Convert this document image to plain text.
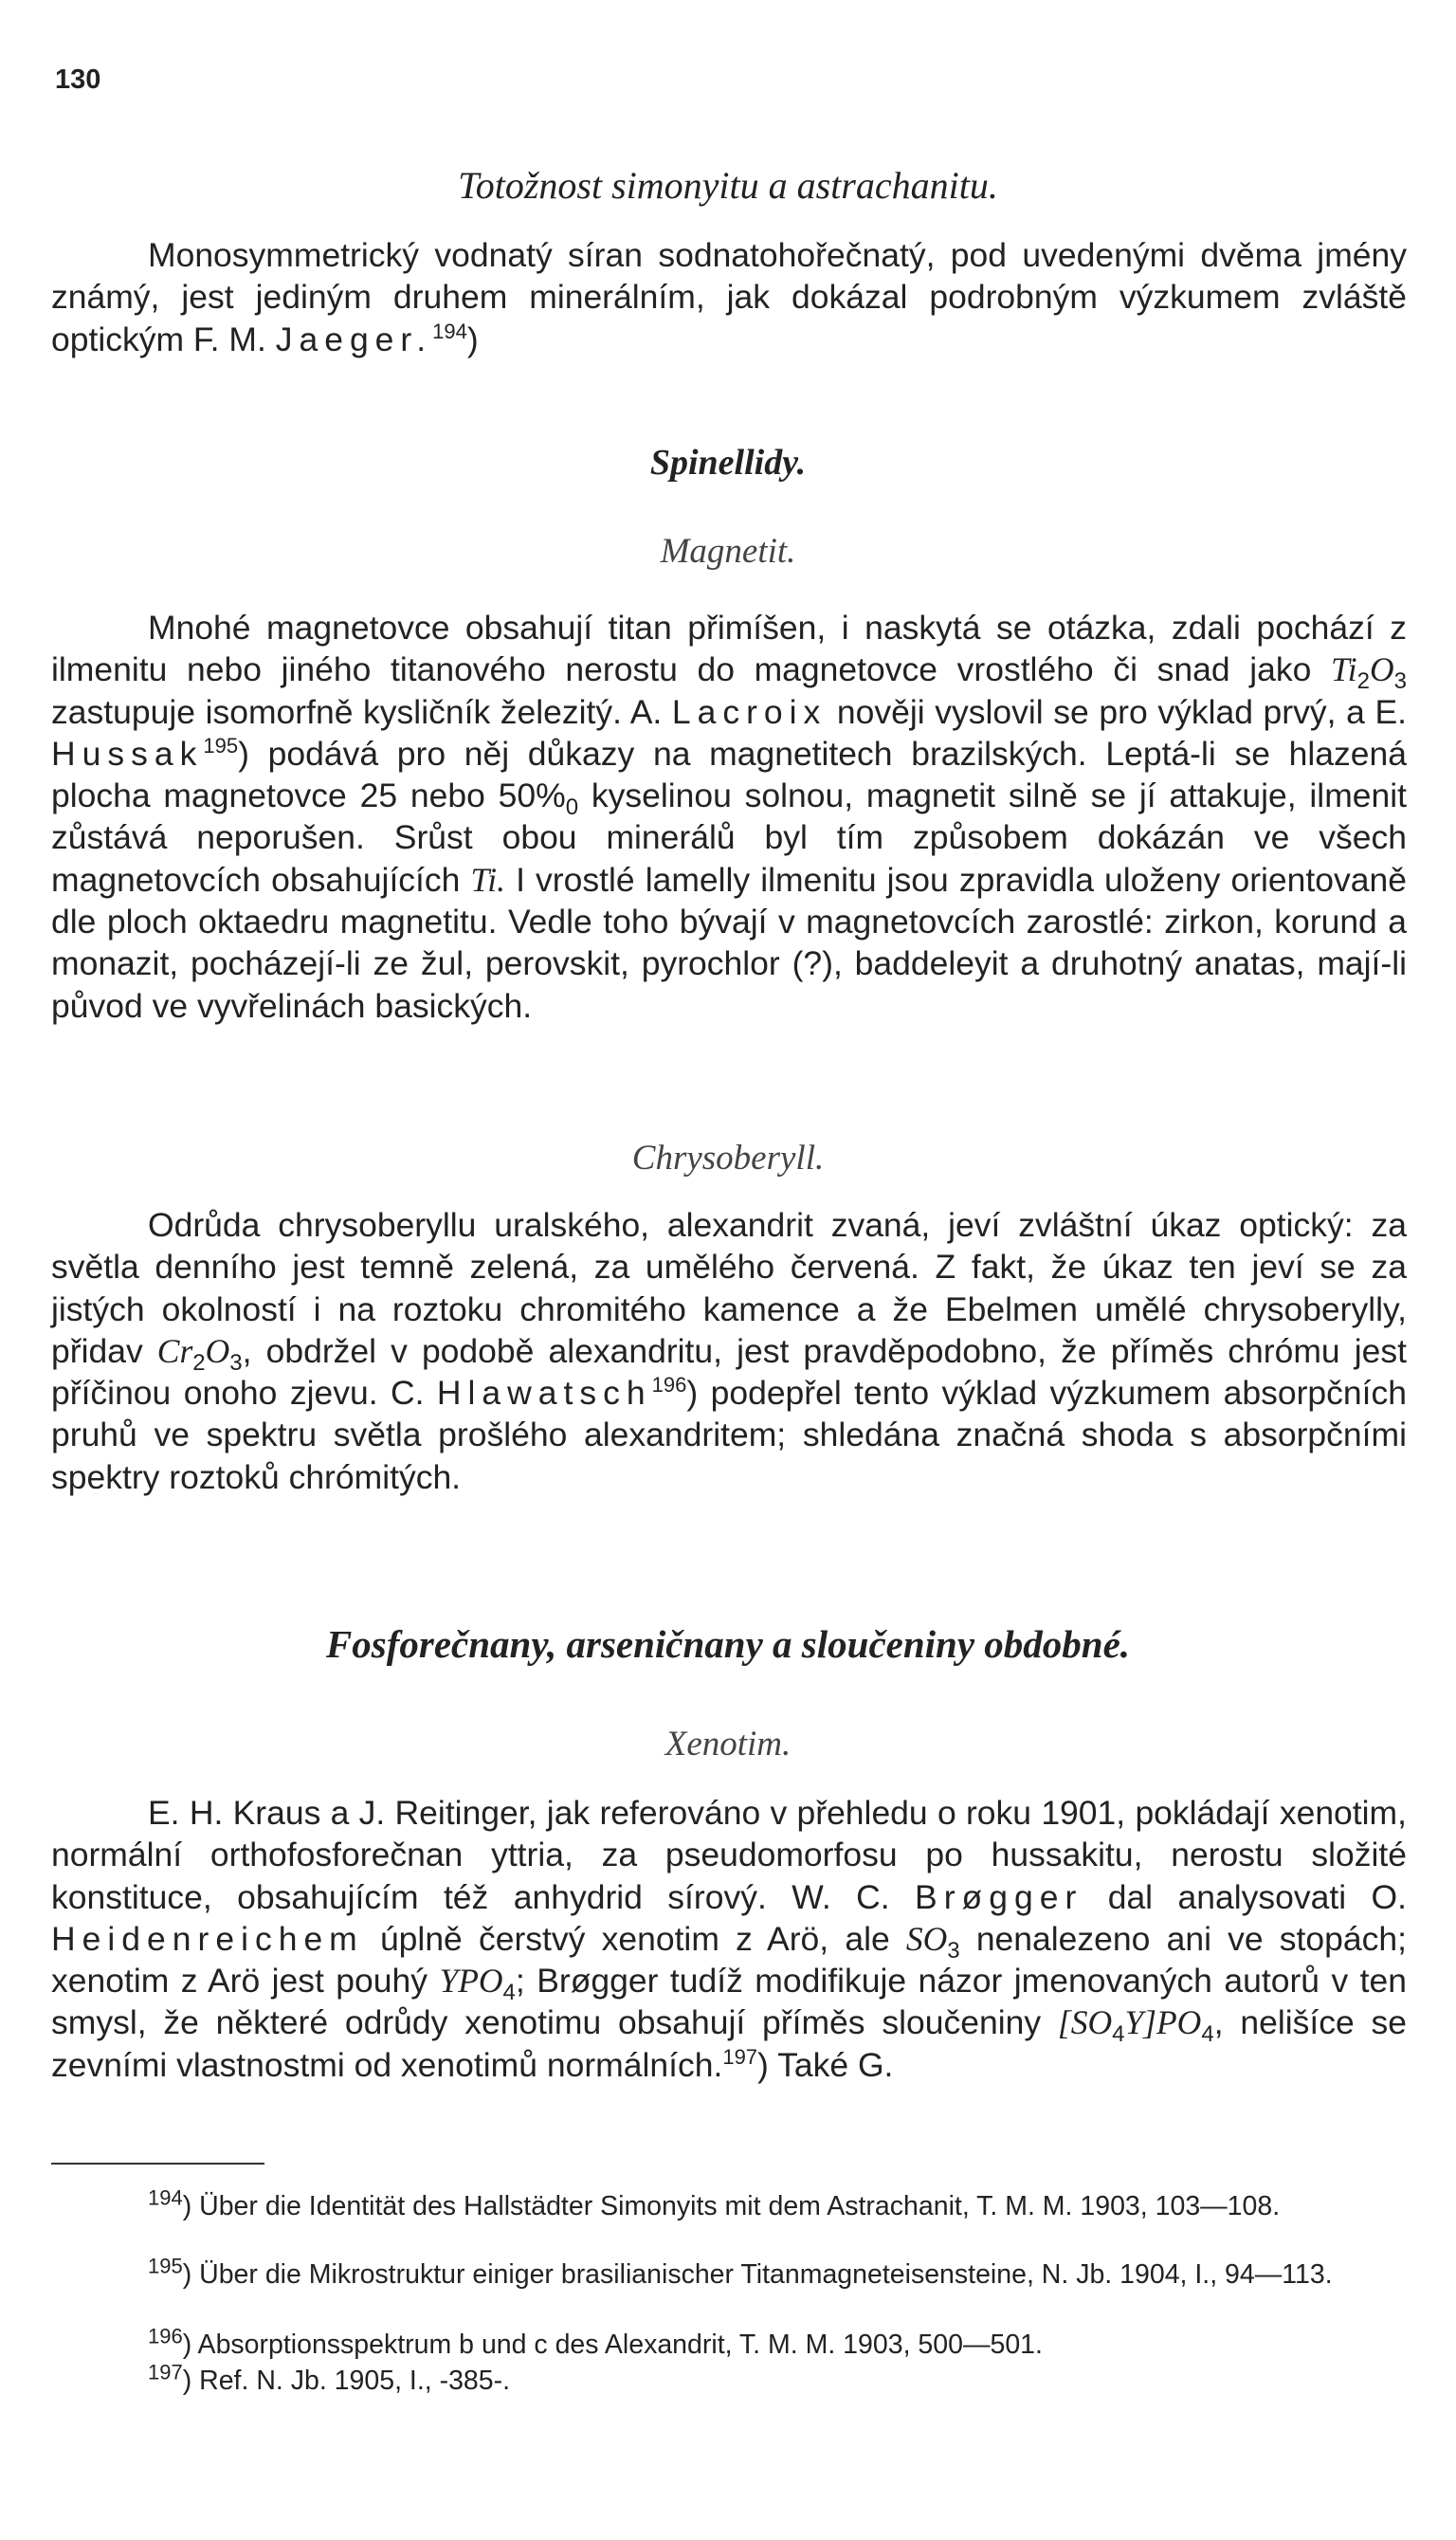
130
Totožnost simonyitu a astrachanitu.

Monosymmetrický vodnatý síran sodnatohořečnatý, pod uvedenými dvěma jmény známý, jest jediným druhem minerálním, jak dokázal podrobným výzkumem zvláště optickým F. M. Jaeger.$^{194}$)

Spinellidy.
Magnetit.

Mnohé magnetovce obsahují titan přimíšen, i naskytá se otázka, zdali pochází z ilmenitu nebo jiného titanového nerostu do magnetovce vrostlého či snad jako $Ti_2O_3$ zastupuje isomorfně kysličník železitý. A. Lacroix nověji vyslovil se pro výklad prvý, a E. Hussak$^{195}$) podává pro něj důkazy na magnetitech brazilských. Leptá-li se hlazená plocha magnetovce 25 nebo $50\%_0$ kyselinou solnou, magnetit silně se jí attakuje, ilmenit zůstává neporušen. Srůst obou minerálů byl tím způsobem dokázán ve všech magnetovcích obsahujících Ti. I vrostlé lamelly ilmenitu jsou zpravidla uloženy orientovaně dle ploch oktaedru magnetitu. Vedle toho bývají v magnetovcích zarostlé: zirkon, korund a monazit, pocházejí-li ze žul, perovskit, pyrochlor (?), baddeleyit a druhotný anatas, mají-li původ ve vyvřelinách basických.

Chrysoberyll.

Odrůda chrysoberyllu uralského, alexandrit zvaná, jeví zvláštní úkaz optický: za světla denního jest temně zelená, za umělého červená. Z fakt, že úkaz ten jeví se za jistých okolností i na roztoku chromitého kamence a že Ebelmen umělé chrysoberylly, přidav $Cr_2O_3$, obdržel v podobě alexandritu, jest pravděpodobno, že příměs chrómu jest příčinou onoho zjevu. C. Hlawatsch$^{196}$) podepřel tento výklad výzkumem absorpčních pruhů ve spektru světla prošlého alexandritem; shledána značná shoda s absorpčními spektry roztoků chrómitých.

Fosforečnany, arseničnany a sloučeniny obdobné.
Xenotim.

E. H. Kraus a J. Reitinger, jak referováno v přehledu o roku 1901, pokládají xenotim, normální orthofosforečnan yttria, za pseudomorfosu po hussakitu, nerostu složité konstituce, obsahujícím též anhydrid sírový. W. C. Brøgger dal analysovati O. Heidenreichem úplně čerstvý xenotim z Arö, ale $SO_3$ nenalezeno ani ve stopách; xenotim z Arö jest pouhý $YPO_4$; Brøgger tudíž modifikuje názor jmenovaných autorů v ten smysl, že některé odrůdy xenotimu obsahují příměs sloučeniny $[SO_4Y]PO_4$, nelišíce se zevními vlastnostmi od xenotimů normálních.$^{197}$) Také G.

$^{194}$) Über die Identität des Hallstädter Simonyits mit dem Astrachanit, T. M. M. 1903, 103—108.

$^{195}$) Über die Mikrostruktur einiger brasilianischer Titanmagneteisensteine, N. Jb. 1904, I., 94—113.

$^{196}$) Absorptionsspektrum b und c des Alexandrit, T. M. M. 1903, 500—501.

$^{197}$) Ref. N. Jb. 1905, I., -385-.
